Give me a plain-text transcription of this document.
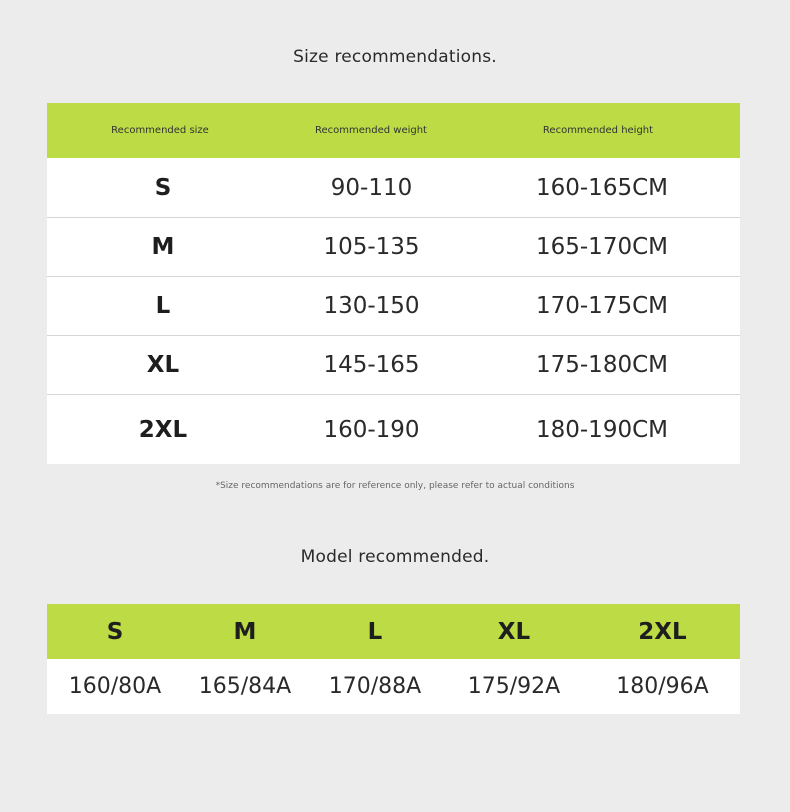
Size recommendations.
Recommended size	Recommended weight	Recommended height
S	90-110	160-165CM
M	105-135	165-170CM
L	130-150	170-175CM
XL	145-165	175-180CM
2XL	160-190	180-190CM
*Size recommendations are for reference only, please refer to actual conditions
Model recommended.
S	M	L	XL	2XL
160/80A	165/84A	170/88A	175/92A	180/96A
